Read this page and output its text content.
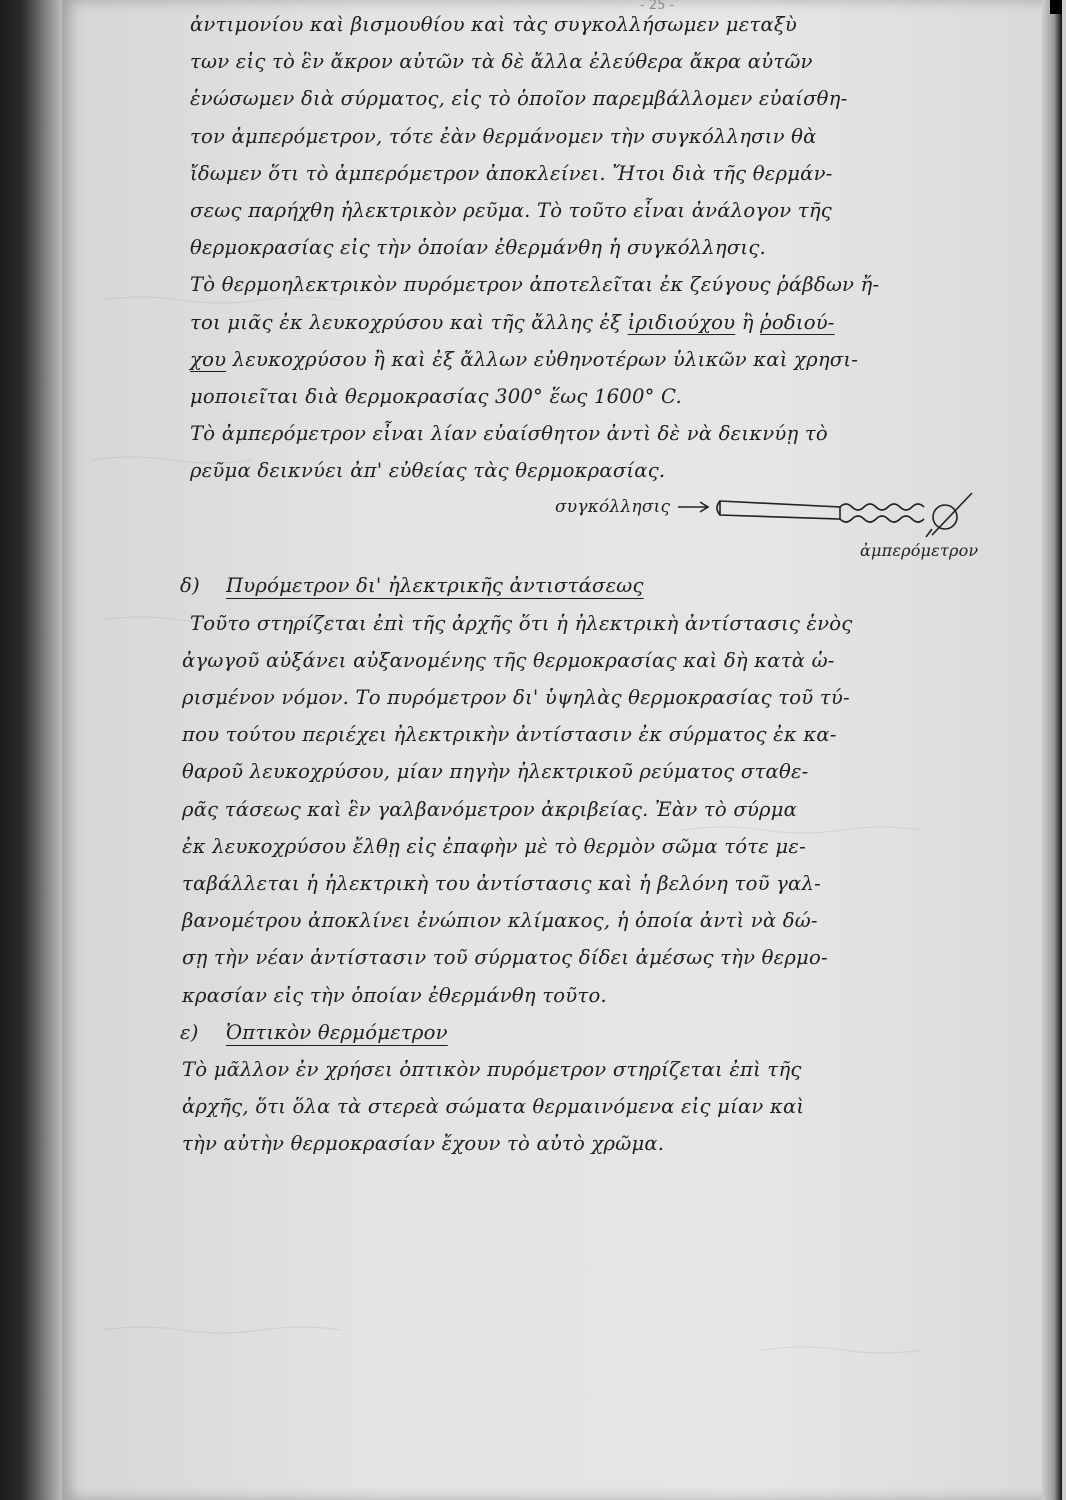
- 25 -
ἀντιμονίου καὶ βισμουθίου καὶ τὰς συγκολλήσωμεν μεταξὺ
των εἰς τὸ ἓν ἄκρον αὐτῶν τὰ δὲ ἄλλα ἐλεύθερα ἄκρα αὐτῶν
ἑνώσωμεν διὰ σύρματος, εἰς τὸ ὁποῖον παρεμβάλλομεν εὐαίσθη-
τον ἀμπερόμετρον, τότε ἐὰν θερμάνομεν τὴν συγκόλλησιν θὰ
ἴδωμεν ὅτι τὸ ἀμπερόμετρον ἀποκλείνει. Ἤτοι διὰ τῆς θερμάν-
σεως παρήχθη ἠλεκτρικὸν ρεῦμα. Τὸ τοῦτο εἶναι ἀνάλογον τῆς
θερμοκρασίας εἰς τὴν ὁποίαν ἐθερμάνθη ἡ συγκόλλησις.
Τὸ θερμοηλεκτρικὸν πυρόμετρον ἀποτελεῖται ἐκ ζεύγους ῥάβδων ἤ-
τοι μιᾶς ἐκ λευκοχρύσου καὶ τῆς ἄλλης ἐξ ἰριδιούχου ἢ ῥοδιού-
χου λευκοχρύσου ἢ καὶ ἐξ ἄλλων εὐθηνοτέρων ὑλικῶν καὶ χρησι-
μοποιεῖται διὰ θερμοκρασίας 300° ἕως 1600° C.
Τὸ ἀμπερόμετρον εἶναι λίαν εὐαίσθητον ἀντὶ δὲ νὰ δεικνύῃ τὸ
ρεῦμα δεικνύει ἀπ' εὐθείας τὰς θερμοκρασίας.
συγκόλλησις
ἀμπερόμετρον
δ) Πυρόμετρον δι' ἠλεκτρικῆς ἀντιστάσεως
Τοῦτο στηρίζεται ἐπὶ τῆς ἀρχῆς ὅτι ἡ ἠλεκτρικὴ ἀντίστασις ἑνὸς
ἀγωγοῦ αὐξάνει αὐξανομένης τῆς θερμοκρασίας καὶ δὴ κατὰ ὡ-
ρισμένον νόμον. Το πυρόμετρον δι' ὑψηλὰς θερμοκρασίας τοῦ τύ-
που τούτου περιέχει ἠλεκτρικὴν ἀντίστασιν ἐκ σύρματος ἐκ κα-
θαροῦ λευκοχρύσου, μίαν πηγὴν ἠλεκτρικοῦ ρεύματος σταθε-
ρᾶς τάσεως καὶ ἓν γαλβανόμετρον ἀκριβείας. Ἐὰν τὸ σύρμα
ἐκ λευκοχρύσου ἔλθῃ εἰς ἐπαφὴν μὲ τὸ θερμὸν σῶμα τότε με-
ταβάλλεται ἡ ἠλεκτρικὴ του ἀντίστασις καὶ ἡ βελόνη τοῦ γαλ-
βανομέτρου ἀποκλίνει ἐνώπιον κλίμακος, ἡ ὁποία ἀντὶ νὰ δώ-
σῃ τὴν νέαν ἀντίστασιν τοῦ σύρματος δίδει ἀμέσως τὴν θερμο-
κρασίαν εἰς τὴν ὁποίαν ἐθερμάνθη τοῦτο.
ε) Ὀπτικὸν θερμόμετρον
Τὸ μᾶλλον ἐν χρήσει ὀπτικὸν πυρόμετρον στηρίζεται ἐπὶ τῆς
ἀρχῆς, ὅτι ὅλα τὰ στερεὰ σώματα θερμαινόμενα εἰς μίαν καὶ
τὴν αὐτὴν θερμοκρασίαν ἔχουν τὸ αὐτὸ χρῶμα.
